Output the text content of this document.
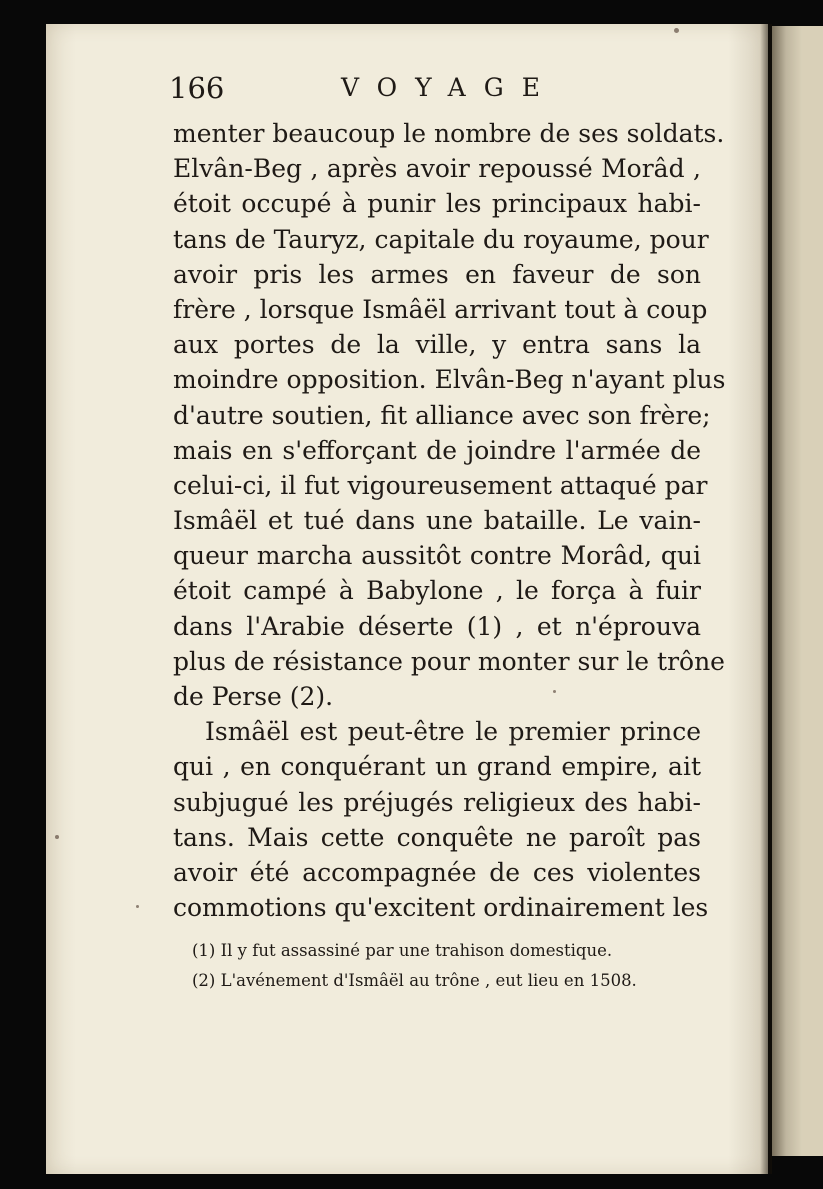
166	VOYAGE
menter beaucoup le nombre de ses soldats.
Elvân-Beg , après avoir repoussé Morâd ,
étoit occupé à punir les principaux habi-
tans de Tauryz, capitale du royaume, pour
avoir pris les armes en faveur de son
frère , lorsque Ismâël arrivant tout à coup
aux portes de la ville, y entra sans la
moindre opposition. Elvân-Beg n'ayant plus
d'autre soutien, fit alliance avec son frère;
mais en s'efforçant de joindre l'armée de
celui-ci, il fut vigoureusement attaqué par
Ismâël et tué dans une bataille. Le vain-
queur marcha aussitôt contre Morâd, qui
étoit campé à Babylone , le força à fuir
dans l'Arabie déserte (1) , et n'éprouva
plus de résistance pour monter sur le trône
de Perse (2).
Ismâël est peut-être le premier prince
qui , en conquérant un grand empire, ait
subjugué les préjugés religieux des habi-
tans. Mais cette conquête ne paroît pas
avoir été accompagnée de ces violentes
commotions qu'excitent ordinairement les
(1) Il y fut assassiné par une trahison domestique.
(2) L'avénement d'Ismâël au trône , eut lieu en 1508.
